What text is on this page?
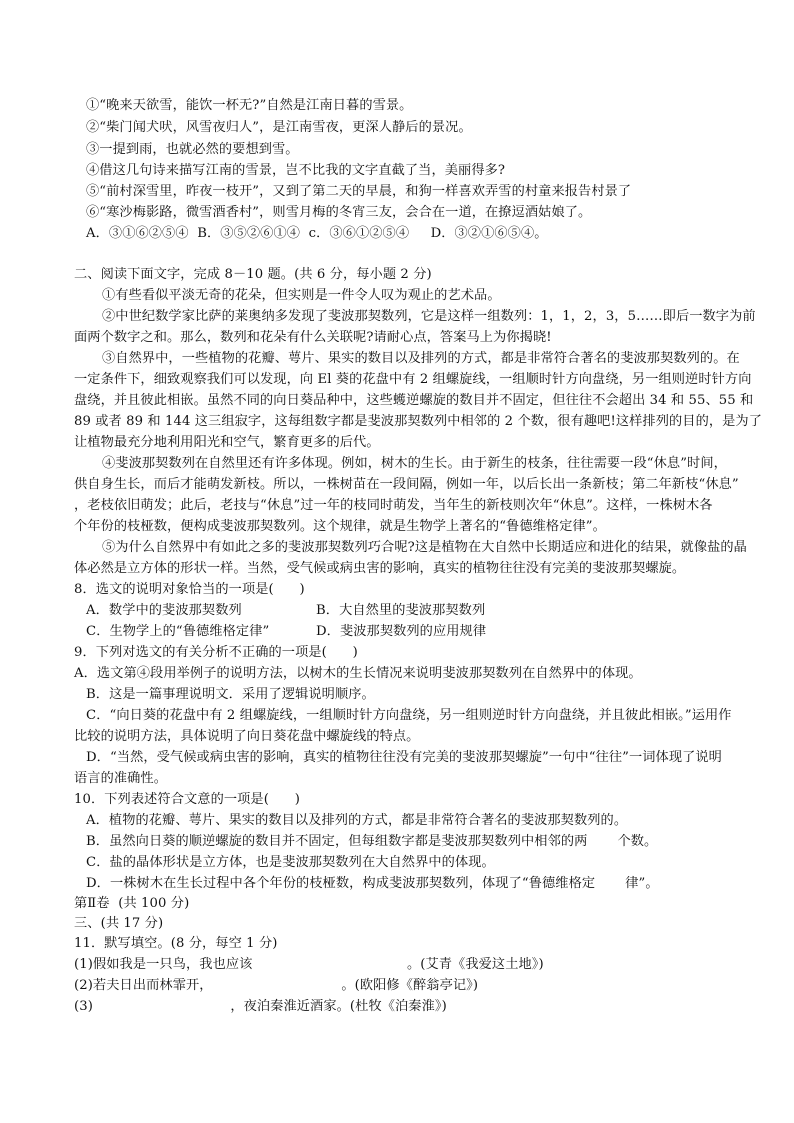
①“晚来天欲雪，能饮一杯无?”自然是江南日暮的雪景。
②“柴门闻犬吠，风雪夜归人”，是江南雪夜，更深人静后的景况。
③一提到雨，也就必然的要想到雪。
④借这几句诗来描写江南的雪景，岂不比我的文字直截了当，美丽得多?
⑤“前村深雪里，昨夜一枝开”，又到了第二天的早晨，和狗一样喜欢弄雪的村童来报告村景了
⑥“寒沙梅影路，微雪酒香村”，则雪月梅的冬宵三友，会合在一道，在撩逗酒姑娘了。
A．③①⑥②⑤④  B．③⑤②⑥①④  c．③⑥①②⑤④     D．③②①⑥⑤④。
二、阅读下面文字，完成 8－10 题。(共 6 分，每小题 2 分)
①有些看似平淡无奇的花朵，但实则是一件令人叹为观止的艺术品。
②中世纪数学家比萨的莱奥纳多发现了斐波那契数列，它是这样一组数列：1，1，2，3，5……即后一数字为前
面两个数字之和。那么，数列和花朵有什么关联呢?请耐心点，答案马上为你揭晓!
③自然界中，一些植物的花瓣、萼片、果实的数目以及排列的方式，都是非常符合著名的斐波那契数列的。在
一定条件下，细致观察我们可以发现，向 El 葵的花盘中有 2 组螺旋线，一组顺时针方向盘绕，另一组则逆时针方向
盘绕，并且彼此相嵌。虽然不同的向日葵品种中，这些蠖逆螺旋的数目并不固定，但往往不会超出 34 和 55、55 和
89 或者 89 和 144 这三组寂字，这每组数字都是斐波那契数列中相邻的 2 个数，很有趣吧!这样排列的目的，是为了
让植物最充分地利用阳光和空气，繁育更多的后代。
④斐波那契数列在自然里还有许多体现。例如，树木的生长。由于新生的枝条，往往需要一段“休息”时间，
供自身生长，而后才能萌发新枝。所以，一株树苗在一段间隔，例如一年，以后长出一条新枝；第二年新枝“休息”
，老枝依旧萌发；此后，老技与“休息”过一年的枝同时萌发，当年生的新枝则次年“休息”。这样，一株树木各
个年份的枝桠数，便构成斐波那契数列。这个规律，就是生物学上著名的“鲁德维格定律”。
⑤为什么自然界中有如此之多的斐波那契数列巧合呢?这是植物在大自然中长期适应和进化的结果，就像盐的晶
体必然是立方体的形状一样。当然，受气候或病虫害的影响，真实的植物往往没有完美的斐波那契螺旋。
8．选文的说明对象恰当的一项是(      )
A．数学中的斐波那契数列	B．大自然里的斐波那契数列
C．生物学上的“鲁德维格定律”	D．斐波那契数列的应用规律
9．下列对选文的有关分析不正确的一项是(      )
A．选文第④段用举例子的说明方法，以树木的生长情况来说明斐波那契数列在自然界中的体现。
B．这是一篇事理说明文．采用了逻辑说明顺序。
C．“向日葵的花盘中有 2 组螺旋线，一组顺时针方向盘绕，另一组则逆时针方向盘绕，并且彼此相嵌。”运用作
比较的说明方法，具体说明了向日葵花盘中螺旋线的特点。
D．“当然，受气候或病虫害的影响，真实的植物往往没有完美的斐波那契螺旋”一句中“往往”一词体现了说明
语言的准确性。
10．下列表述符合文意的一项是(      )
A．植物的花瓣、萼片、果实的数目以及排列的方式，都是非常符合著名的斐波那契数列的。
B．虽然向日葵的顺逆螺旋的数目并不固定，但每组数字都是斐波那契数列中相邻的两       个数。
C．盐的晶体形状是立方体，也是斐波那契数列在大自然界中的体现。
D．一株树木在生长过程中各个年份的枝桠数，构成斐波那契数列，体现了“鲁德维格定       律”。
第Ⅱ卷  (共 100 分)
三、(共 17 分)
11．默写填空。(8 分，每空 1 分)
(1)假如我是一只鸟，我也应该                                    。(艾青《我爱这土地》)
(2)若夫日出而林霏开，                              。(欧阳修《醉翁亭记》)
(3)                                ，夜泊秦淮近酒家。(杜牧《泊秦淮》)
